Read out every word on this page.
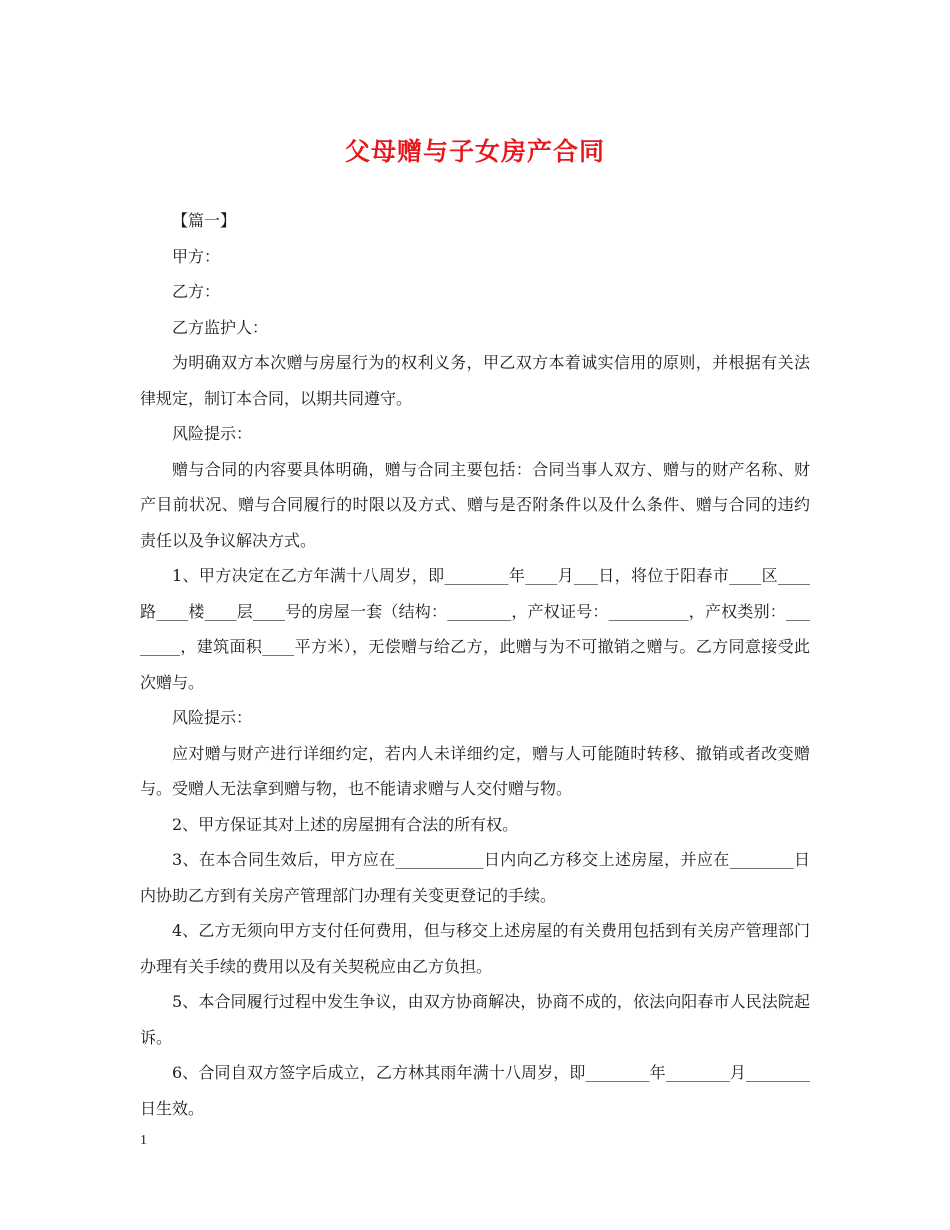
父母赠与子女房产合同

【篇一】

甲方：

乙方：

乙方监护人：

为明确双方本次赠与房屋行为的权利义务，甲乙双方本着诚实信用的原则，并根据有关法律规定，制订本合同，以期共同遵守。

风险提示：

赠与合同的内容要具体明确，赠与合同主要包括：合同当事人双方、赠与的财产名称、财产目前状况、赠与合同履行的时限以及方式、赠与是否附条件以及什么条件、赠与合同的违约责任以及争议解决方式。

1、甲方决定在乙方年满十八周岁，即________年____月___日，将位于阳春市____区____路____楼____层____号的房屋一套（结构：________，产权证号：__________，产权类别：________，建筑面积____平方米），无偿赠与给乙方，此赠与为不可撤销之赠与。乙方同意接受此次赠与。

风险提示：

应对赠与财产进行详细约定，若内人未详细约定，赠与人可能随时转移、撤销或者改变赠与。受赠人无法拿到赠与物，也不能请求赠与人交付赠与物。

2、甲方保证其对上述的房屋拥有合法的所有权。

3、在本合同生效后，甲方应在___________日内向乙方移交上述房屋，并应在________日内协助乙方到有关房产管理部门办理有关变更登记的手续。

4、乙方无须向甲方支付任何费用，但与移交上述房屋的有关费用包括到有关房产管理部门办理有关手续的费用以及有关契税应由乙方负担。

5、本合同履行过程中发生争议，由双方协商解决，协商不成的，依法向阳春市人民法院起诉。

6、合同自双方签字后成立，乙方林其雨年满十八周岁，即________年________月________日生效。

1
